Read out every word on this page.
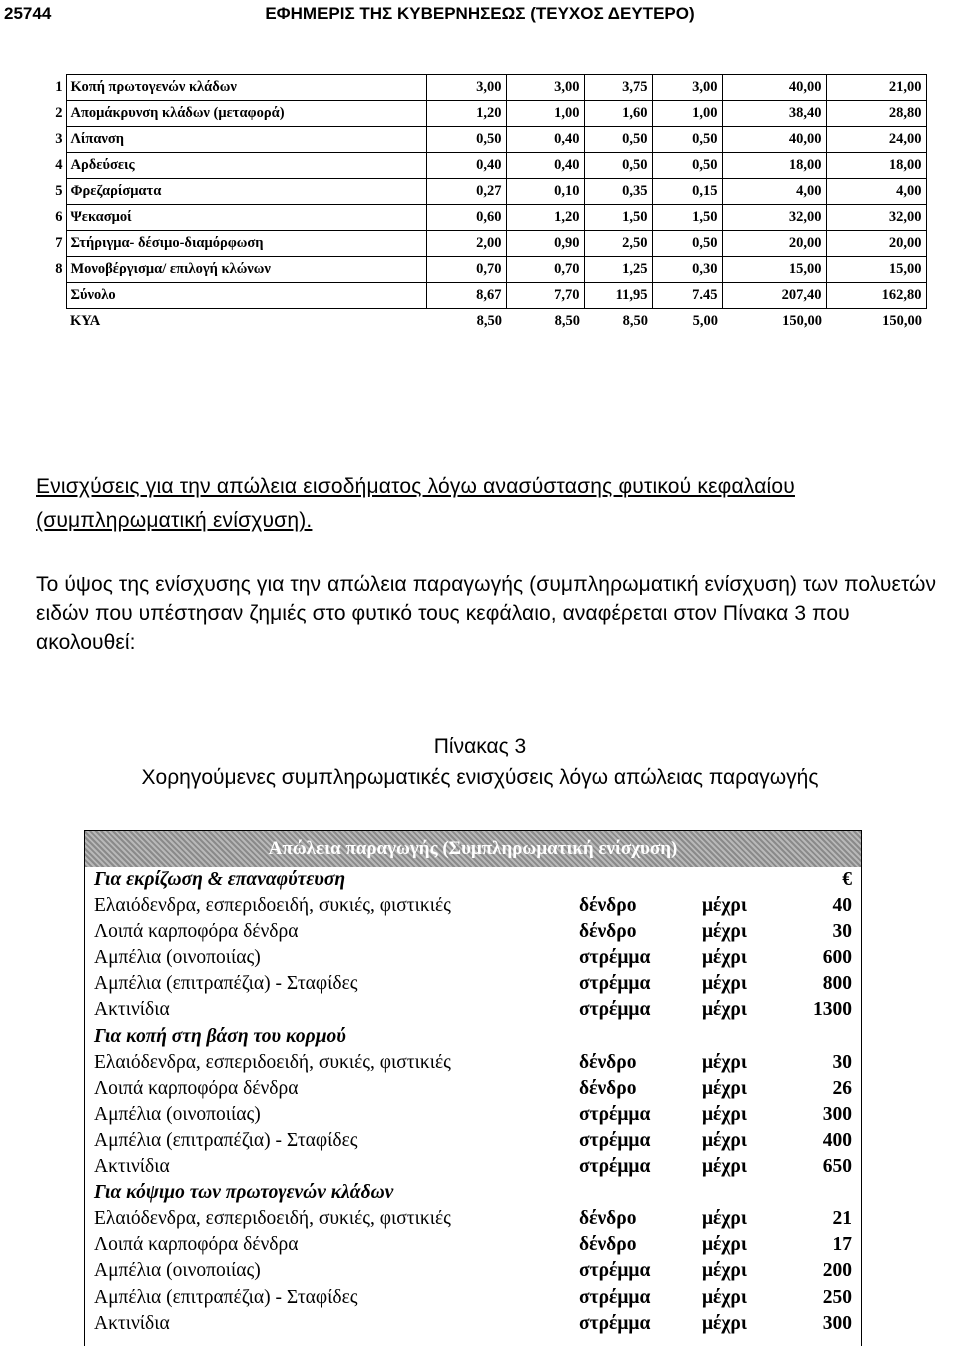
25744	ΕΦΗΜΕΡΙΣ ΤΗΣ ΚΥΒΕΡΝΗΣΕΩΣ (ΤΕΥΧΟΣ ΔΕΥΤΕΡΟ)
1	Κοπή πρωτογενών κλάδων	3,00	3,00	3,75	3,00	40,00	21,00
2	Απομάκρυνση κλάδων (μεταφορά)	1,20	1,00	1,60	1,00	38,40	28,80
3	Λίπανση	0,50	0,40	0,50	0,50	40,00	24,00
4	Αρδεύσεις	0,40	0,40	0,50	0,50	18,00	18,00
5	Φρεζαρίσματα	0,27	0,10	0,35	0,15	4,00	4,00
6	Ψεκασμοί	0,60	1,20	1,50	1,50	32,00	32,00
7	Στήριγμα- δέσιμο-διαμόρφωση	2,00	0,90	2,50	0,50	20,00	20,00
8	Μονοβέργισμα/ επιλογή κλώνων	0,70	0,70	1,25	0,30	15,00	15,00
	Σύνολο	8,67	7,70	11,95	7.45	207,40	162,80
	ΚΥΑ	8,50	8,50	8,50	5,00	150,00	150,00
Ενισχύσεις για την απώλεια εισοδήματος λόγω ανασύστασης φυτικού κεφαλαίου (συμπληρωματική ενίσχυση).
Το ύψος της ενίσχυσης για την απώλεια παραγωγής (συμπληρωματική ενίσχυση) των πολυετών ειδών που υπέστησαν ζημιές στο φυτικό τους κεφάλαιο, αναφέρεται στον Πίνακα 3 που ακολουθεί:
Πίνακας 3
Χορηγούμενες συμπληρωματικές ενισχύσεις λόγω απώλειας παραγωγής
Απώλεια παραγωγής (Συμπληρωματική ενίσχυση)
Για εκρίζωση & επαναφύτευση	€
Ελαιόδενδρα, εσπεριδοειδή, συκιές, φιστικιές	δένδρο	μέχρι	40
Λοιπά καρποφόρα δένδρα	δένδρο	μέχρι	30
Αμπέλια (οινοποιίας)	στρέμμα	μέχρι	600
Αμπέλια (επιτραπέζια) - Σταφίδες	στρέμμα	μέχρι	800
Ακτινίδια	στρέμμα	μέχρι	1300
Για κοπή στη βάση του κορμού
Ελαιόδενδρα, εσπεριδοειδή, συκιές, φιστικιές	δένδρο	μέχρι	30
Λοιπά καρποφόρα δένδρα	δένδρο	μέχρι	26
Αμπέλια (οινοποιίας)	στρέμμα	μέχρι	300
Αμπέλια (επιτραπέζια) - Σταφίδες	στρέμμα	μέχρι	400
Ακτινίδια	στρέμμα	μέχρι	650
Για κόψιμο των πρωτογενών κλάδων
Ελαιόδενδρα, εσπεριδοειδή, συκιές, φιστικιές	δένδρο	μέχρι	21
Λοιπά καρποφόρα δένδρα	δένδρο	μέχρι	17
Αμπέλια (οινοποιίας)	στρέμμα	μέχρι	200
Αμπέλια (επιτραπέζια) - Σταφίδες	στρέμμα	μέχρι	250
Ακτινίδια	στρέμμα	μέχρι	300
